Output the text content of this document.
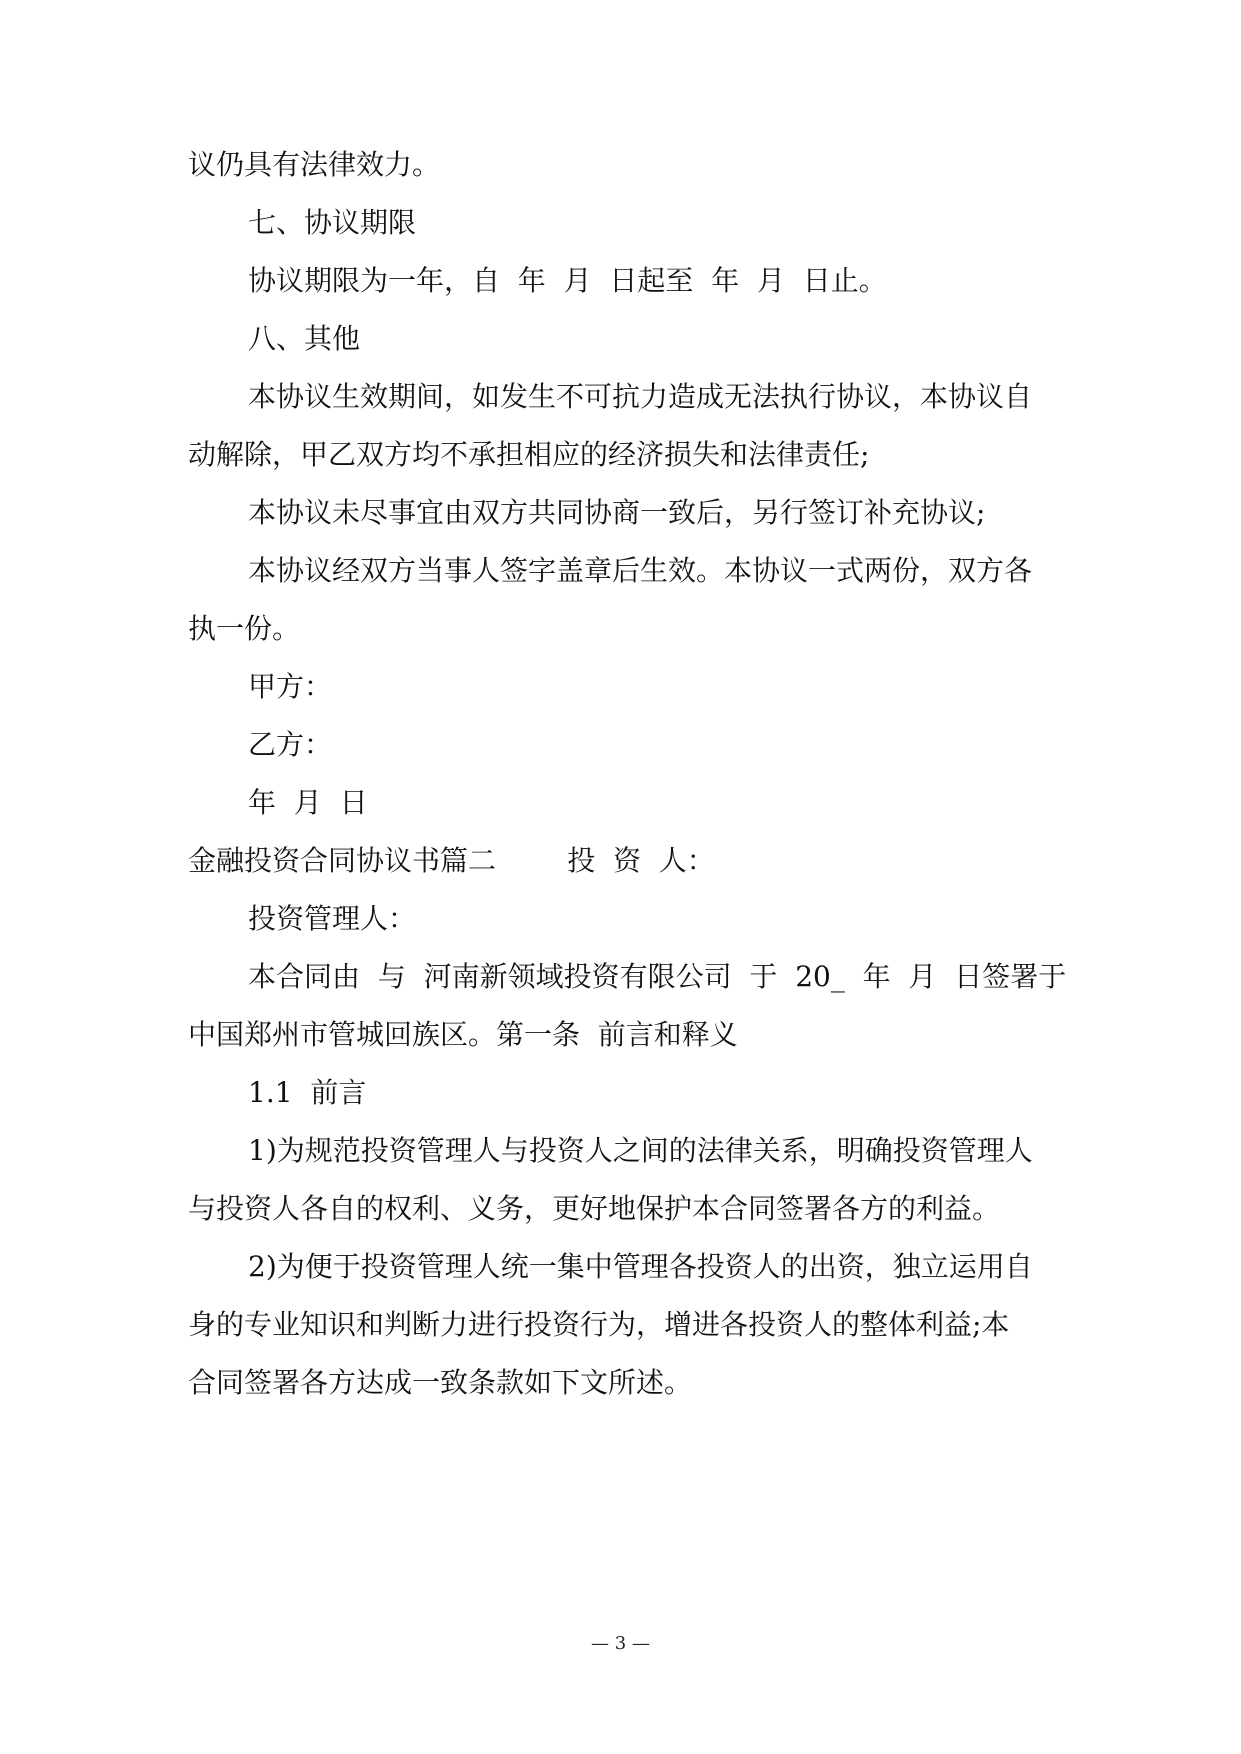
议仍具有法律效力。
七、协议期限
协议期限为一年，自  年  月  日起至  年  月  日止。
八、其他
本协议生效期间，如发生不可抗力造成无法执行协议，本协议自
动解除，甲乙双方均不承担相应的经济损失和法律责任;
本协议未尽事宜由双方共同协商一致后，另行签订补充协议;
本协议经双方当事人签字盖章后生效。本协议一式两份，双方各
执一份。
甲方：
乙方：
年  月  日
金融投资合同协议书篇二        投  资  人：
投资管理人：
本合同由  与  河南新领域投资有限公司  于  20_  年  月  日签署于
中国郑州市管城回族区。第一条  前言和释义
1.1  前言
1)为规范投资管理人与投资人之间的法律关系，明确投资管理人
与投资人各自的权利、义务，更好地保护本合同签署各方的利益。
2)为便于投资管理人统一集中管理各投资人的出资，独立运用自
身的专业知识和判断力进行投资行为，增进各投资人的整体利益;本
合同签署各方达成一致条款如下文所述。
— 3 —
